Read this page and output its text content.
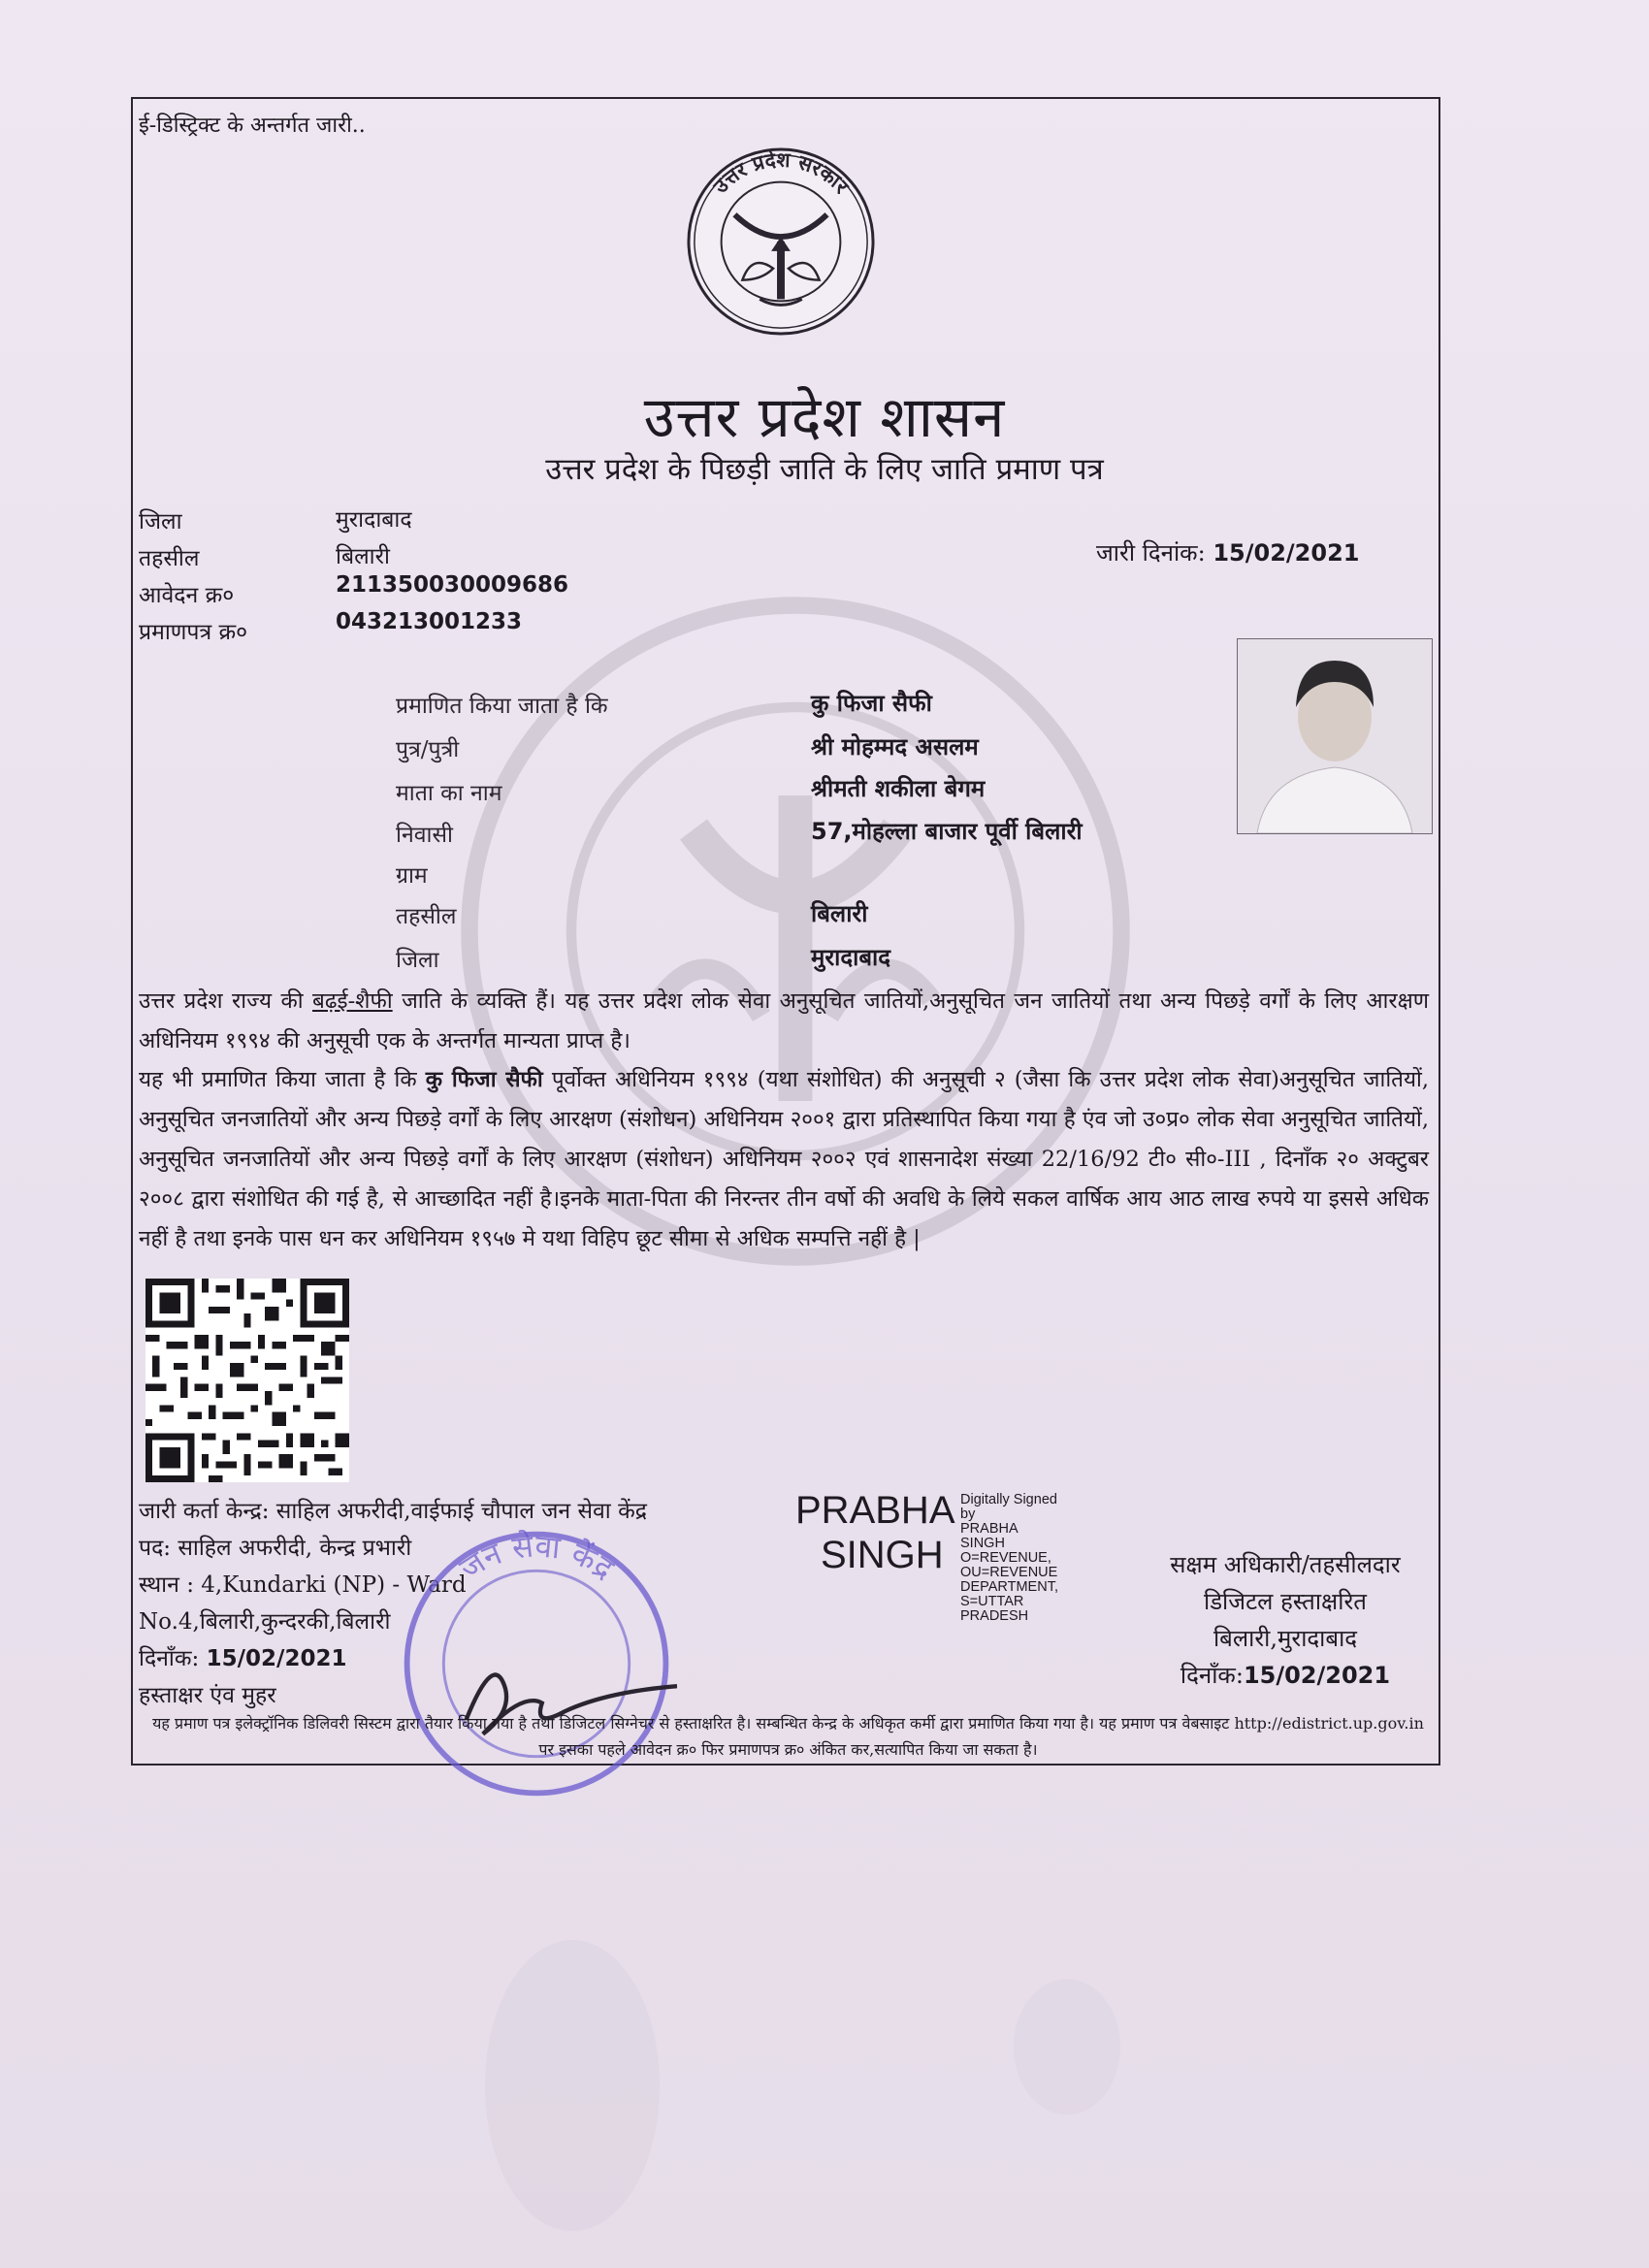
ई-डिस्ट्रिक्ट के अन्तर्गत जारी..
उत्तर प्रदेश सरकार
उत्तर प्रदेश शासन
उत्तर प्रदेश के पिछड़ी जाति के लिए जाति प्रमाण पत्र
जिला	मुरादाबाद
तहसील	बिलारी
आवेदन क्र०	211350030009686
प्रमाणपत्र क्र०	043213001233
जारी दिनांक: 15/02/2021
प्रमाणित किया जाता है कि	कु फिजा सैफी
पुत्र/पुत्री	श्री मोहम्मद असलम
माता का नाम	श्रीमती शकीला बेगम
निवासी	57,मोहल्ला बाजार पूर्वी बिलारी
ग्राम
तहसील	बिलारी
जिला	मुरादाबाद
उत्तर प्रदेश राज्य की बढ़ई-शैफी जाति के व्यक्ति हैं। यह उत्तर प्रदेश लोक सेवा अनुसूचित जातियों,अनुसूचित जन जातियों तथा अन्य पिछड़े वर्गों के लिए आरक्षण अधिनियम १९९४ की अनुसूची एक के अन्तर्गत मान्यता प्राप्त है।
यह भी प्रमाणित किया जाता है कि कु फिजा सैफी पूर्वोक्त अधिनियम १९९४ (यथा संशोधित) की अनुसूची २ (जैसा कि उत्तर प्रदेश लोक सेवा)अनुसूचित जातियों, अनुसूचित जनजातियों और अन्य पिछड़े वर्गों के लिए आरक्षण (संशोधन) अधिनियम २००१ द्वारा प्रतिस्थापित किया गया है एंव जो उ०प्र० लोक सेवा अनुसूचित जातियों, अनुसूचित जनजातियों और अन्य पिछड़े वर्गों के लिए आरक्षण (संशोधन) अधिनियम २००२ एवं शासनादेश संख्या 22/16/92 टी० सी०-III , दिनाँक २० अक्टुबर २००८ द्वारा संशोधित की गई है, से आच्छादित नहीं है।इनके माता-पिता की निरन्तर तीन वर्षो की अवधि के लिये सकल वार्षिक आय आठ लाख रुपये या इससे अधिक नहीं है तथा इनके पास धन कर अधिनियम १९५७ मे यथा विहिप छूट सीमा से अधिक सम्पत्ति नहीं है |
जारी कर्ता केन्द्र: साहिल अफरीदी,वाईफाई चौपाल जन सेवा केंद्र
पद: साहिल अफरीदी, केन्द्र प्रभारी
स्थान : 4,Kundarki (NP) - Ward
No.4,बिलारी,कुन्दरकी,बिलारी
दिनाँक: 15/02/2021
हस्ताक्षर एंव मुहर
PRABHA
SINGH
Digitally Signed by
PRABHA SINGH
O=REVENUE,
OU=REVENUE
DEPARTMENT,
S=UTTAR PRADESH
सक्षम अधिकारी/तहसीलदार
डिजिटल हस्ताक्षरित
बिलारी,मुरादाबाद
दिनाँक:15/02/2021
जन सेवा केंद्र
यह प्रमाण पत्र इलेक्ट्रॉनिक डिलिवरी सिस्टम द्वारा तैयार किया गया है तथा डिजिटल सिग्नेचर से हस्ताक्षरित है। सम्बन्धित केन्द्र के अधिकृत कर्मी द्वारा प्रमाणित किया गया है। यह प्रमाण पत्र वेबसाइट http://edistrict.up.gov.in पर इसका पहले आवेदन क्र० फिर प्रमाणपत्र क्र० अंकित कर,सत्यापित किया जा सकता है।
